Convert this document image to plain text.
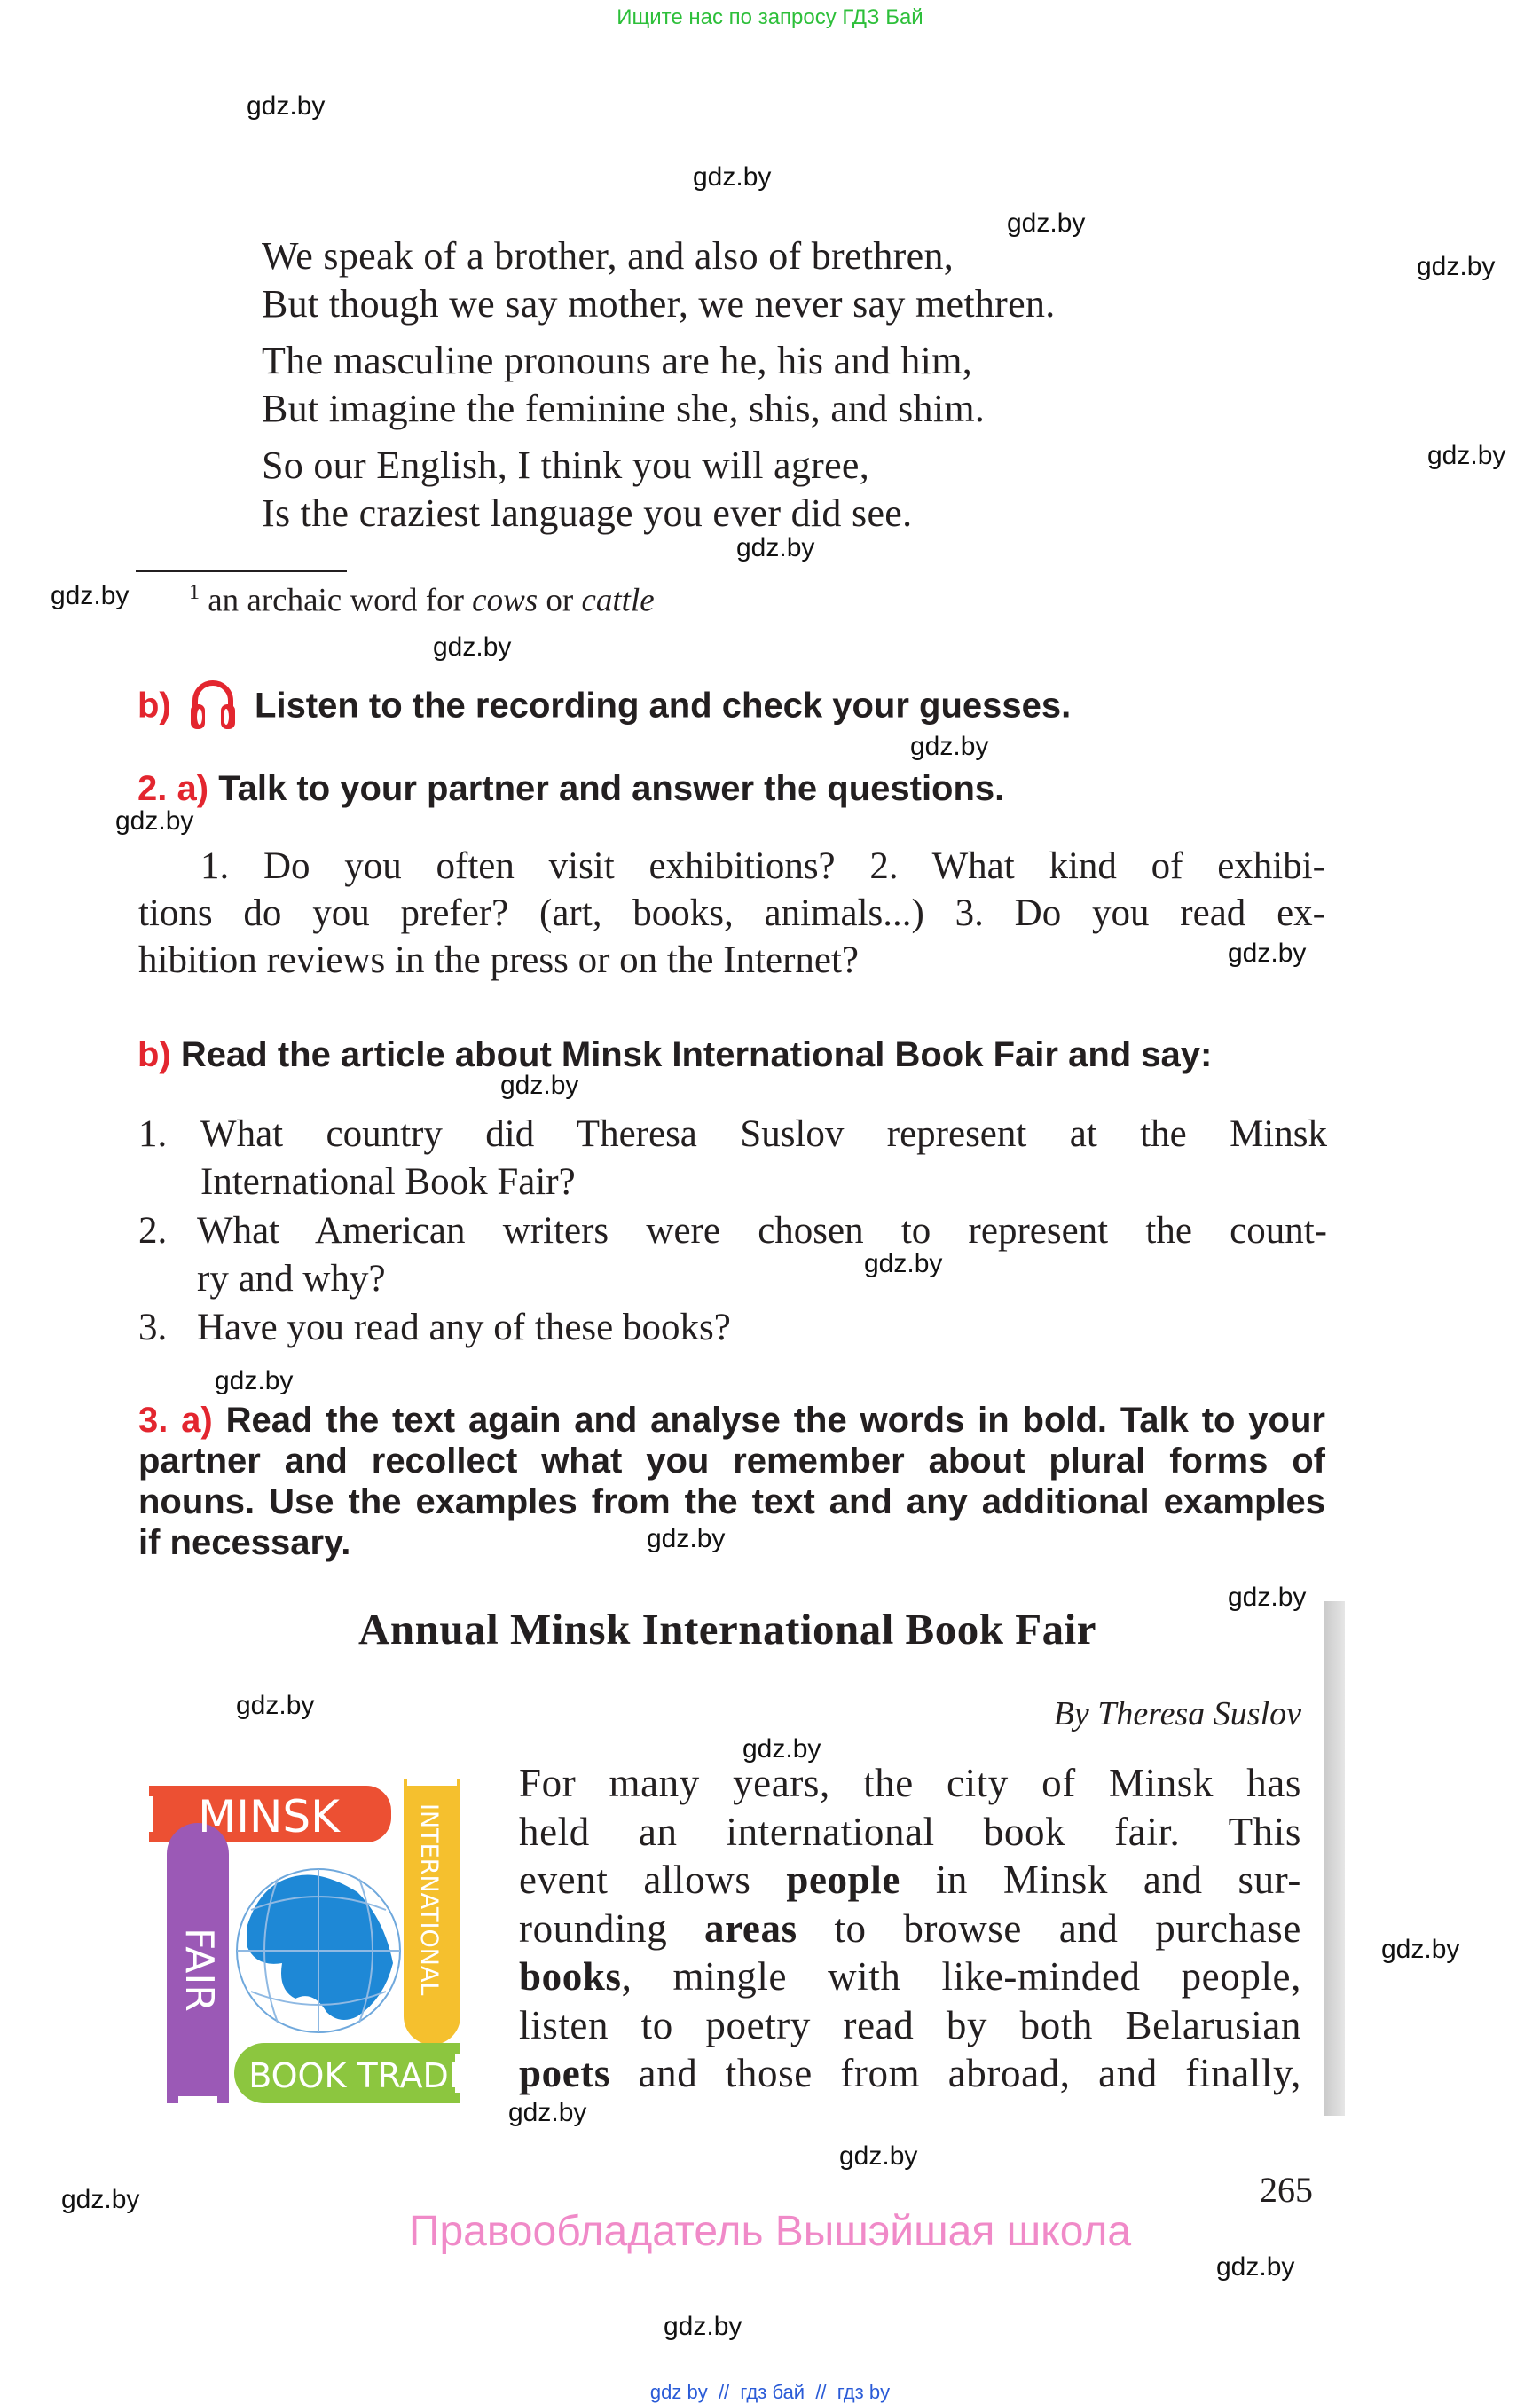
Ищите нас по запросу ГДЗ Бай
gdz.by
gdz.by
gdz.by
gdz.by
gdz.by
gdz.by
gdz.by
gdz.by
gdz.by
gdz.by
gdz.by
gdz.by
gdz.by
gdz.by
gdz.by
gdz.by
gdz.by
gdz.by
gdz.by
gdz.by
gdz.by
gdz.by
gdz.by
gdz.by
We speak of a brother, and also of brethren,
But though we say mother, we never say methren.
The masculine pronouns are he, his and him,
But imagine the feminine she, shis, and shim.
So our English, I think you will agree,
Is the craziest language you ever did see.
$^1$ an archaic word for cows or cattle
b) Listen to the recording and check your guesses.
2. a) Talk to your partner and answer the questions.
1. Do you often visit exhibitions? 2. What kind of exhibi-
tions do you prefer? (art, books, animals...) 3. Do you read ex-
hibition reviews in the press or on the Internet?
b) Read the article about Minsk International Book Fair and say:
1. What country did Theresa Suslov represent at the Minsk
International Book Fair?
2. What American writers were chosen to represent the count-
ry and why?
3. Have you read any of these books?
3. a) Read the text again and analyse the words in bold. Talk to your
partner and recollect what you remember about plural forms of
nouns. Use the examples from the text and any additional examples
if necessary.
Annual Minsk International Book Fair
By Theresa Suslov
MINSK	INTERNATIONAL
FAIR
BOOK TRADE
For many years, the city of Minsk has
held an international book fair. This
event allows people in Minsk and sur-
rounding areas to browse and purchase
books, mingle with like-minded people,
listen to poetry read by both Belarusian
poets and those from abroad, and finally,
265
Правообладатель Вышэйшая школа
gdz by  //  гдз бай  //  гдз by
